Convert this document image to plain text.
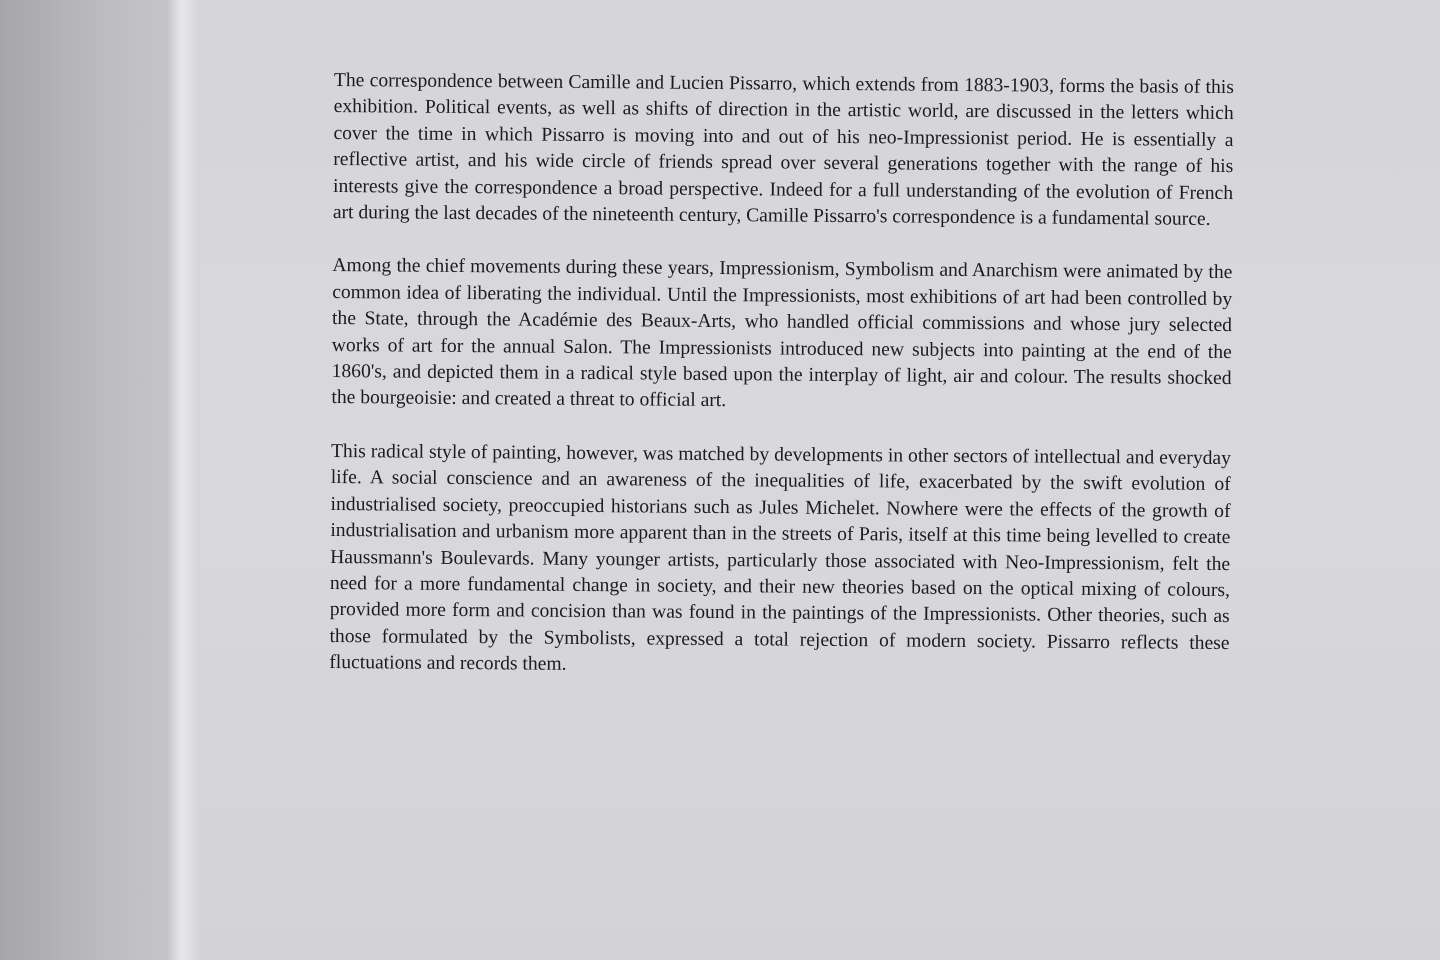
The correspondence between Camille and Lucien Pissarro, which extends from 1883-1903, forms the basis of this exhibition. Political events, as well as shifts of direction in the artistic world, are discussed in the letters which cover the time in which Pissarro is moving into and out of his neo-Impressionist period. He is essentially a reflective artist, and his wide circle of friends spread over several generations together with the range of his interests give the correspondence a broad perspective. Indeed for a full understanding of the evolution of French art during the last decades of the nineteenth century, Camille Pissarro's correspondence is a fundamental source.

Among the chief movements during these years, Impressionism, Symbolism and Anarchism were animated by the common idea of liberating the individual. Until the Impressionists, most exhibitions of art had been controlled by the State, through the Académie des Beaux-Arts, who handled official commissions and whose jury selected works of art for the annual Salon. The Impressionists introduced new subjects into painting at the end of the 1860's, and depicted them in a radical style based upon the interplay of light, air and colour. The results shocked the bourgeoisie: and created a threat to official art.

This radical style of painting, however, was matched by developments in other sectors of intellectual and everyday life. A social conscience and an awareness of the inequalities of life, exacerbated by the swift evolution of industrialised society, preoccupied historians such as Jules Michelet. Nowhere were the effects of the growth of industrialisation and urbanism more apparent than in the streets of Paris, itself at this time being levelled to create Haussmann's Boulevards. Many younger artists, particularly those associated with Neo-Impressionism, felt the need for a more fundamental change in society, and their new theories based on the optical mixing of colours, provided more form and concision than was found in the paintings of the Impressionists. Other theories, such as those formulated by the Symbolists, expressed a total rejection of modern society. Pissarro reflects these fluctuations and records them.
